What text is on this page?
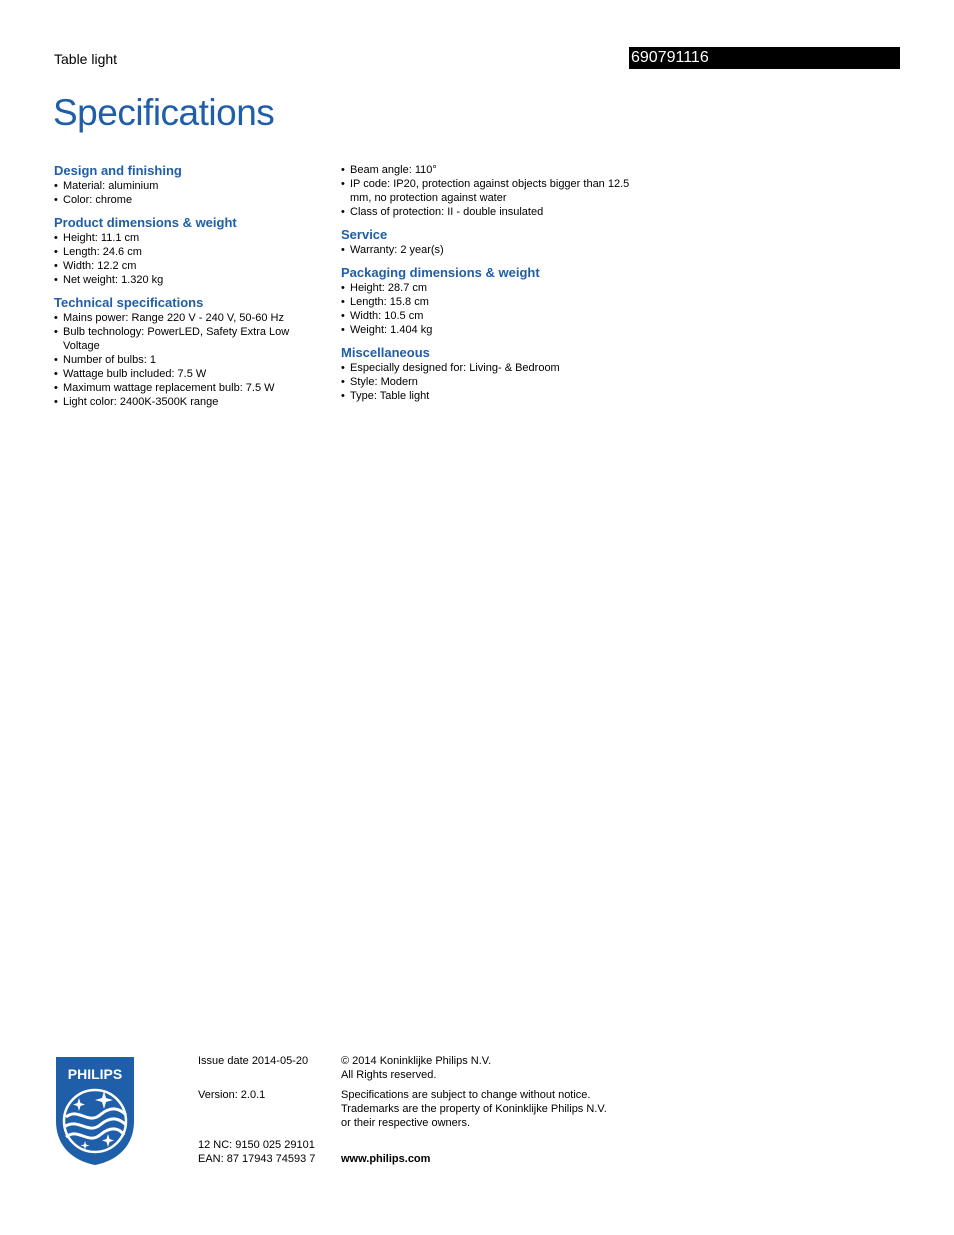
Table light	690791116
Specifications
Design and finishing
• Material: aluminium
• Color: chrome
Product dimensions & weight
• Height: 11.1 cm
• Length: 24.6 cm
• Width: 12.2 cm
• Net weight: 1.320 kg
Technical specifications
• Mains power: Range 220 V - 240 V, 50-60 Hz
• Bulb technology: PowerLED, Safety Extra Low Voltage
• Number of bulbs: 1
• Wattage bulb included: 7.5 W
• Maximum wattage replacement bulb: 7.5 W
• Light color: 2400K-3500K range
• Beam angle: 110°
• IP code: IP20, protection against objects bigger than 12.5 mm, no protection against water
• Class of protection: II - double insulated
Service
• Warranty: 2 year(s)
Packaging dimensions & weight
• Height: 28.7 cm
• Length: 15.8 cm
• Width: 10.5 cm
• Weight: 1.404 kg
Miscellaneous
• Especially designed for: Living- & Bedroom
• Style: Modern
• Type: Table light
PHILIPS
Issue date 2014-05-20
Version: 2.0.1
12 NC: 9150 025 29101
EAN: 87 17943 74593 7
© 2014 Koninklijke Philips N.V.
All Rights reserved.
Specifications are subject to change without notice.
Trademarks are the property of Koninklijke Philips N.V.
or their respective owners.
www.philips.com
